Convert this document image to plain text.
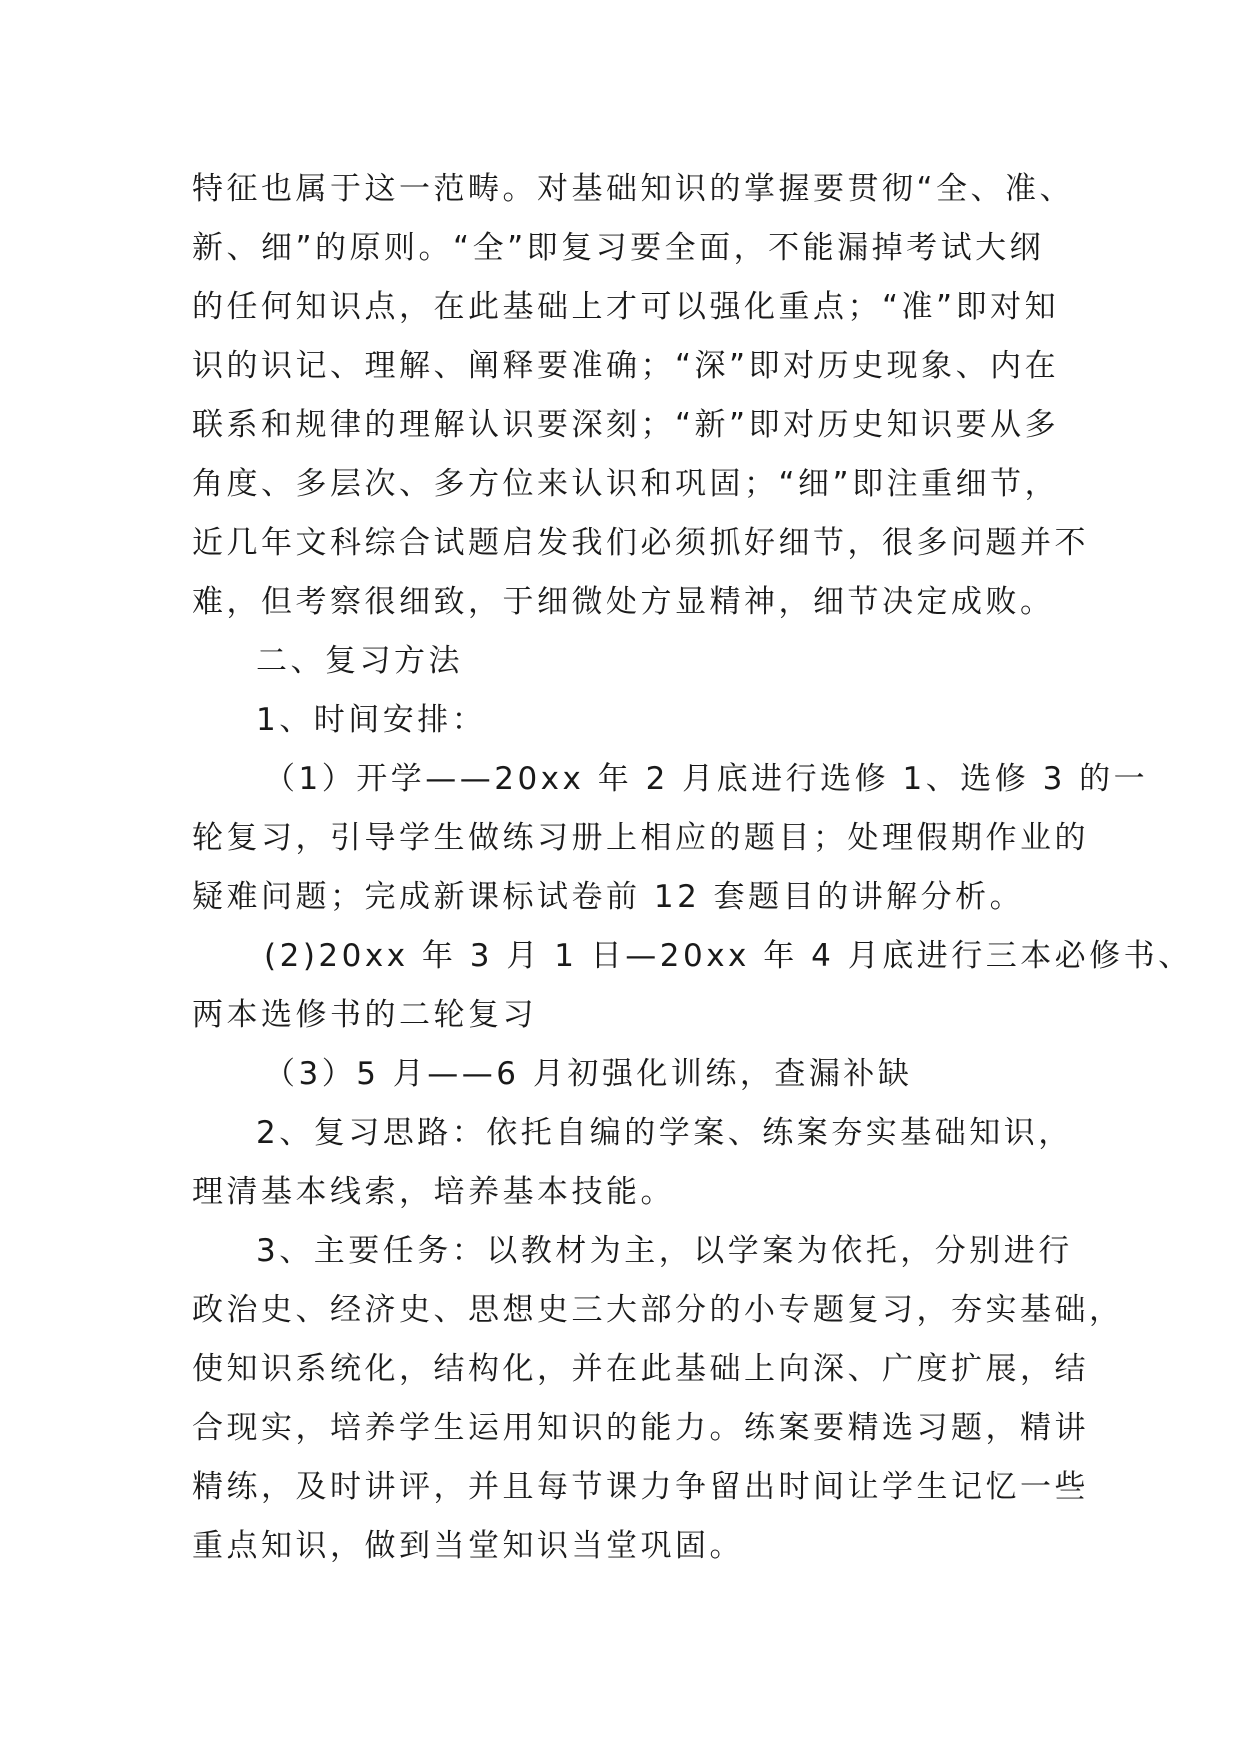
特征也属于这一范畴。对基础知识的掌握要贯彻“全、准、
新、细”的原则。“全”即复习要全面，不能漏掉考试大纲
的任何知识点，在此基础上才可以强化重点；“准”即对知
识的识记、理解、阐释要准确；“深”即对历史现象、内在
联系和规律的理解认识要深刻；“新”即对历史知识要从多
角度、多层次、多方位来认识和巩固；“细”即注重细节，
近几年文科综合试题启发我们必须抓好细节，很多问题并不
难，但考察很细致，于细微处方显精神，细节决定成败。
二、复习方法
1、时间安排：
（1）开学——20xx 年 2 月底进行选修 1、选修 3 的一
轮复习，引导学生做练习册上相应的题目；处理假期作业的
疑难问题；完成新课标试卷前 12 套题目的讲解分析。
(2)20xx 年 3 月 1 日—20xx 年 4 月底进行三本必修书、
两本选修书的二轮复习
（3）5 月——6 月初强化训练，查漏补缺
2、复习思路：依托自编的学案、练案夯实基础知识，
理清基本线索，培养基本技能。
3、主要任务：以教材为主，以学案为依托，分别进行
政治史、经济史、思想史三大部分的小专题复习，夯实基础，
使知识系统化，结构化，并在此基础上向深、广度扩展，结
合现实，培养学生运用知识的能力。练案要精选习题，精讲
精练，及时讲评，并且每节课力争留出时间让学生记忆一些
重点知识，做到当堂知识当堂巩固。
